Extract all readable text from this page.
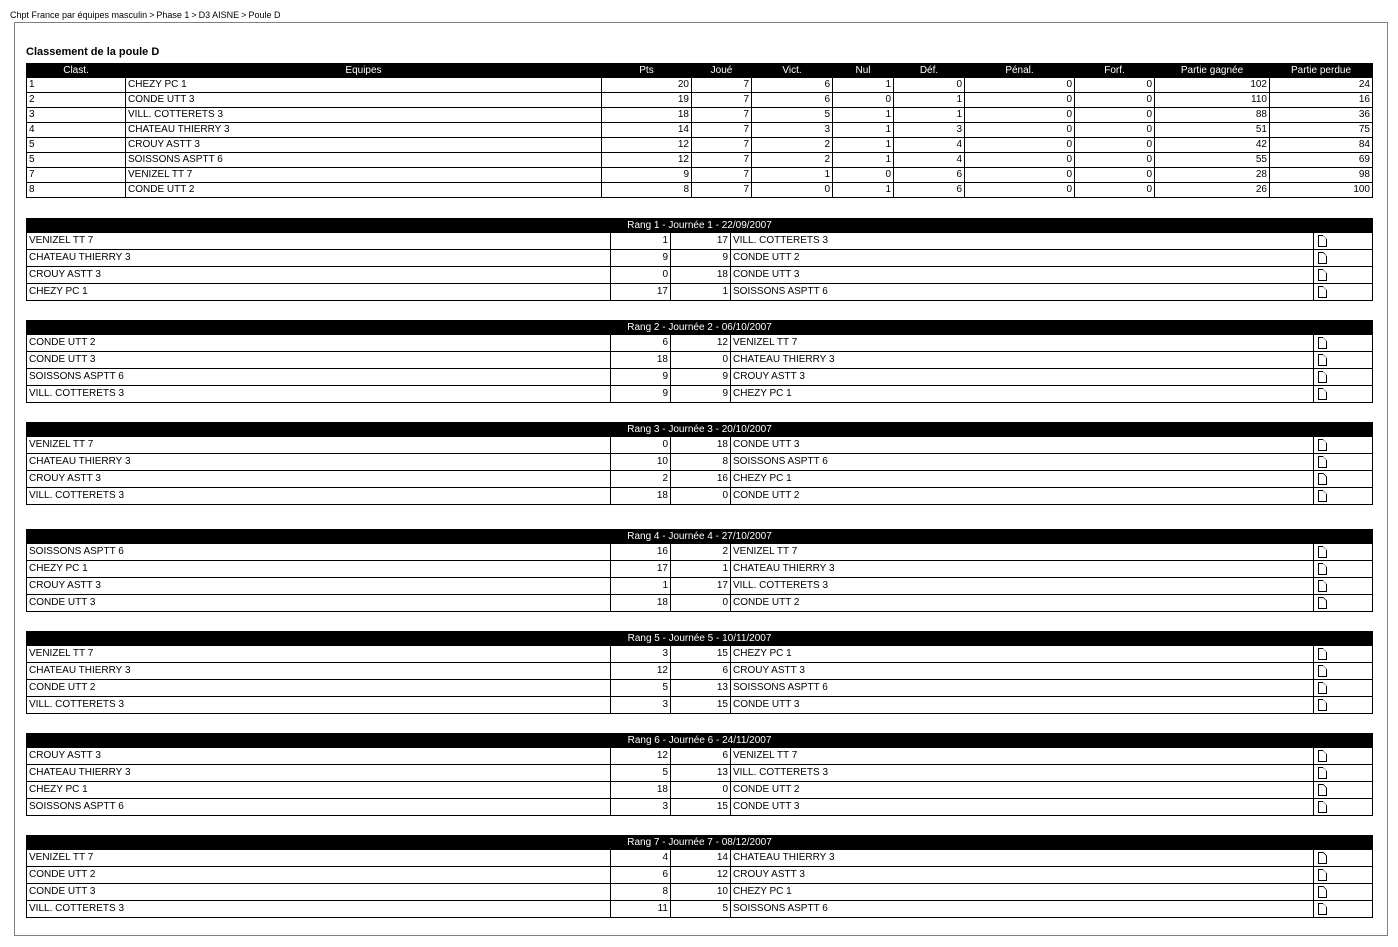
Chpt France par équipes masculin > Phase 1 > D3 AISNE > Poule D
Classement de la poule D
Clast.	Equipes	Pts	Joué	Vict.	Nul	Déf.	Pénal.	Forf.	Partie gagnée	Partie perdue
1	CHEZY PC 1	20	7	6	1	0	0	0	102	24
2	CONDE UTT 3	19	7	6	0	1	0	0	110	16
3	VILL. COTTERETS 3	18	7	5	1	1	0	0	88	36
4	CHATEAU THIERRY 3	14	7	3	1	3	0	0	51	75
5	CROUY ASTT 3	12	7	2	1	4	0	0	42	84
5	SOISSONS ASPTT 6	12	7	2	1	4	0	0	55	69
7	VENIZEL TT 7	9	7	1	0	6	0	0	28	98
8	CONDE UTT 2	8	7	0	1	6	0	0	26	100
Rang 1 - Journée 1 - 22/09/2007				
VENIZEL TT 7	1	17	VILL. COTTERETS 3	
CHATEAU THIERRY 3	9	9	CONDE UTT 2	
CROUY ASTT 3	0	18	CONDE UTT 3	
CHEZY PC 1	17	1	SOISSONS ASPTT 6	
Rang 2 - Journée 2 - 06/10/2007				
CONDE UTT 2	6	12	VENIZEL TT 7	
CONDE UTT 3	18	0	CHATEAU THIERRY 3	
SOISSONS ASPTT 6	9	9	CROUY ASTT 3	
VILL. COTTERETS 3	9	9	CHEZY PC 1	
Rang 3 - Journée 3 - 20/10/2007				
VENIZEL TT 7	0	18	CONDE UTT 3	
CHATEAU THIERRY 3	10	8	SOISSONS ASPTT 6	
CROUY ASTT 3	2	16	CHEZY PC 1	
VILL. COTTERETS 3	18	0	CONDE UTT 2	
Rang 4 - Journée 4 - 27/10/2007				
SOISSONS ASPTT 6	16	2	VENIZEL TT 7	
CHEZY PC 1	17	1	CHATEAU THIERRY 3	
CROUY ASTT 3	1	17	VILL. COTTERETS 3	
CONDE UTT 3	18	0	CONDE UTT 2	
Rang 5 - Journée 5 - 10/11/2007				
VENIZEL TT 7	3	15	CHEZY PC 1	
CHATEAU THIERRY 3	12	6	CROUY ASTT 3	
CONDE UTT 2	5	13	SOISSONS ASPTT 6	
VILL. COTTERETS 3	3	15	CONDE UTT 3	
Rang 6 - Journée 6 - 24/11/2007				
CROUY ASTT 3	12	6	VENIZEL TT 7	
CHATEAU THIERRY 3	5	13	VILL. COTTERETS 3	
CHEZY PC 1	18	0	CONDE UTT 2	
SOISSONS ASPTT 6	3	15	CONDE UTT 3	
Rang 7 - Journée 7 - 08/12/2007				
VENIZEL TT 7	4	14	CHATEAU THIERRY 3	
CONDE UTT 2	6	12	CROUY ASTT 3	
CONDE UTT 3	8	10	CHEZY PC 1	
VILL. COTTERETS 3	11	5	SOISSONS ASPTT 6	
